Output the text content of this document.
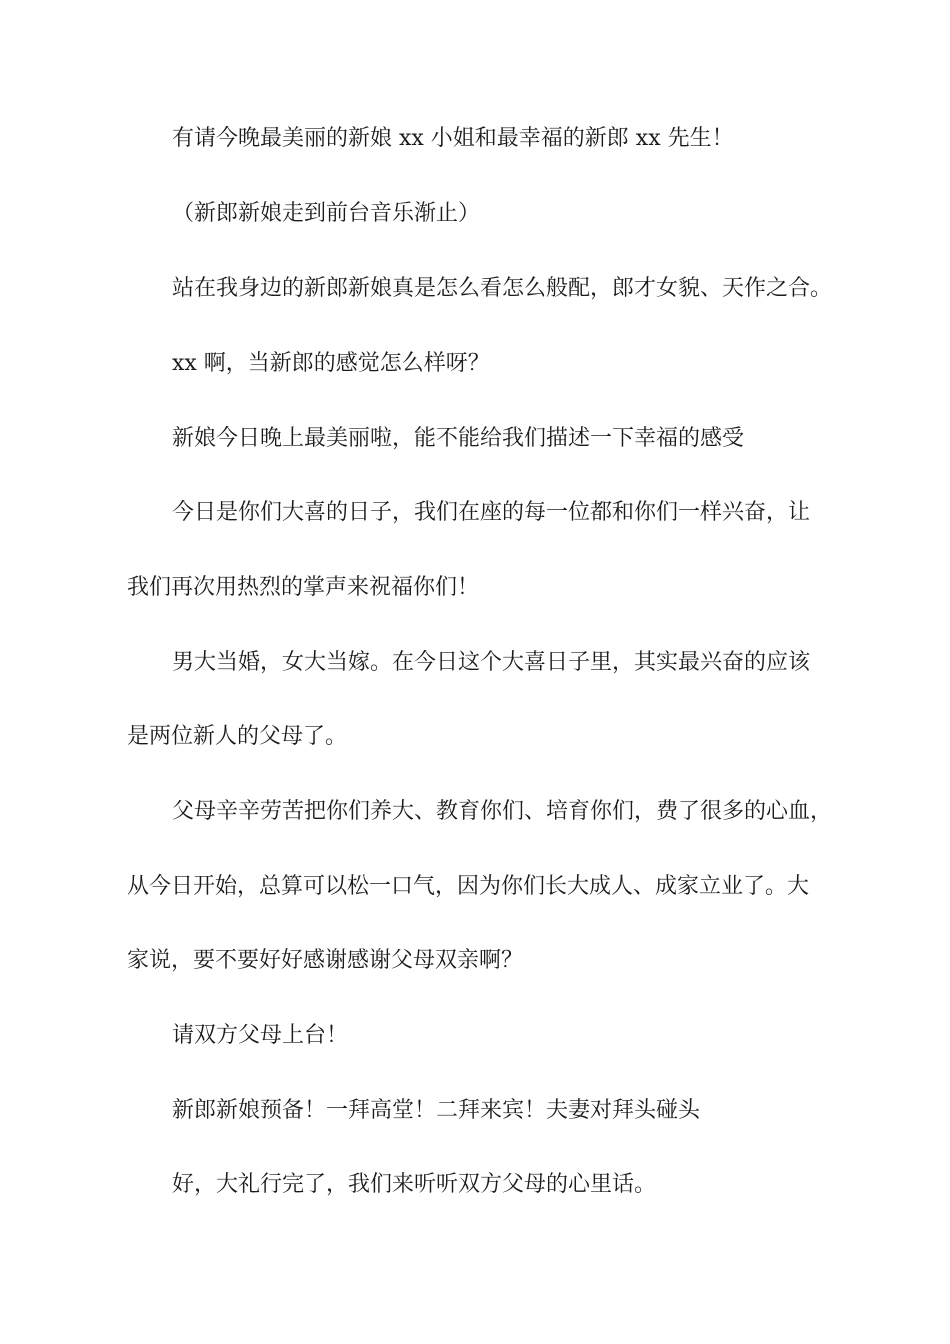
有请今晚最美丽的新娘 xx 小姐和最幸福的新郎 xx 先生！
（新郎新娘走到前台音乐渐止）
站在我身边的新郎新娘真是怎么看怎么般配，郎才女貌、天作之合。
xx 啊，当新郎的感觉怎么样呀？
新娘今日晚上最美丽啦，能不能给我们描述一下幸福的感受
今日是你们大喜的日子，我们在座的每一位都和你们一样兴奋，让
我们再次用热烈的掌声来祝福你们！
男大当婚，女大当嫁。在今日这个大喜日子里，其实最兴奋的应该
是两位新人的父母了。
父母辛辛劳苦把你们养大、教育你们、培育你们，费了很多的心血，
从今日开始，总算可以松一口气，因为你们长大成人、成家立业了。大
家说，要不要好好感谢感谢父母双亲啊？
请双方父母上台！
新郎新娘预备！一拜高堂！二拜来宾！夫妻对拜头碰头
好，大礼行完了，我们来听听双方父母的心里话。
